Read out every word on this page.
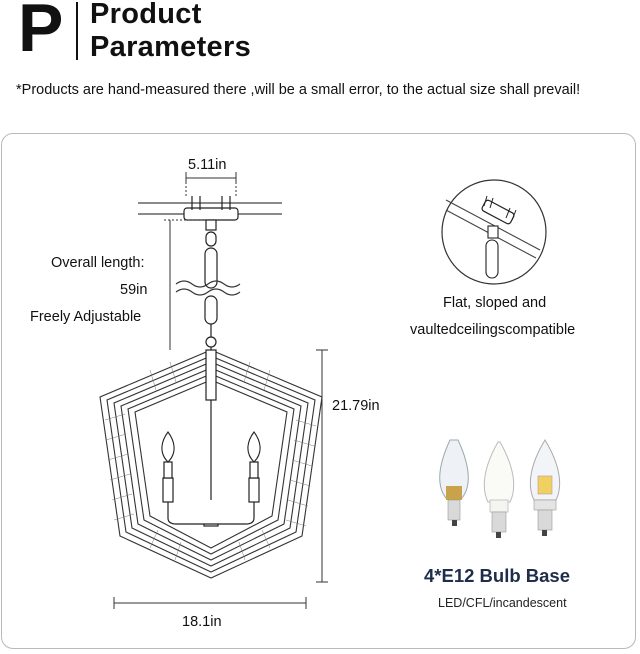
P Product
Parameters
*Products are hand-measured there ,will be a small error, to the actual size shall prevail!
5.11in
Overall length:
59in
Freely Adjustable
21.79in
18.1in
Flat, sloped and
vaultedceilingscompatible
4*E12 Bulb Base
LED/CFL/incandescent
